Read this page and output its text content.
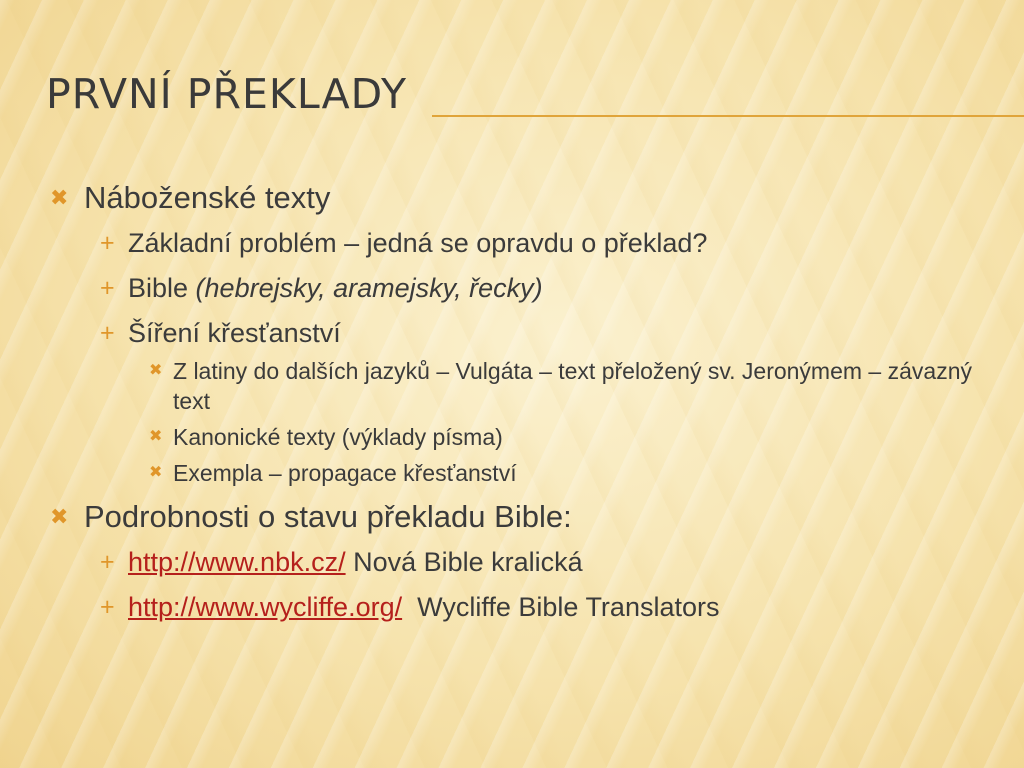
PRVNÍ PŘEKLADY
✖ Náboženské texty
+ Základní problém – jedná se opravdu o překlad?
+ Bible (hebrejsky, aramejsky, řecky)
+ Šíření křesťanství
✖ Z latiny do dalších jazyků – Vulgáta – text přeložený sv. Jeronýmem – závazný text
✖ Kanonické texty (výklady písma)
✖ Exempla – propagace křesťanství
✖ Podrobnosti o stavu překladu Bible:
+ http://www.nbk.cz/ Nová Bible kralická
+ http://www.wycliffe.org/  Wycliffe Bible Translators
